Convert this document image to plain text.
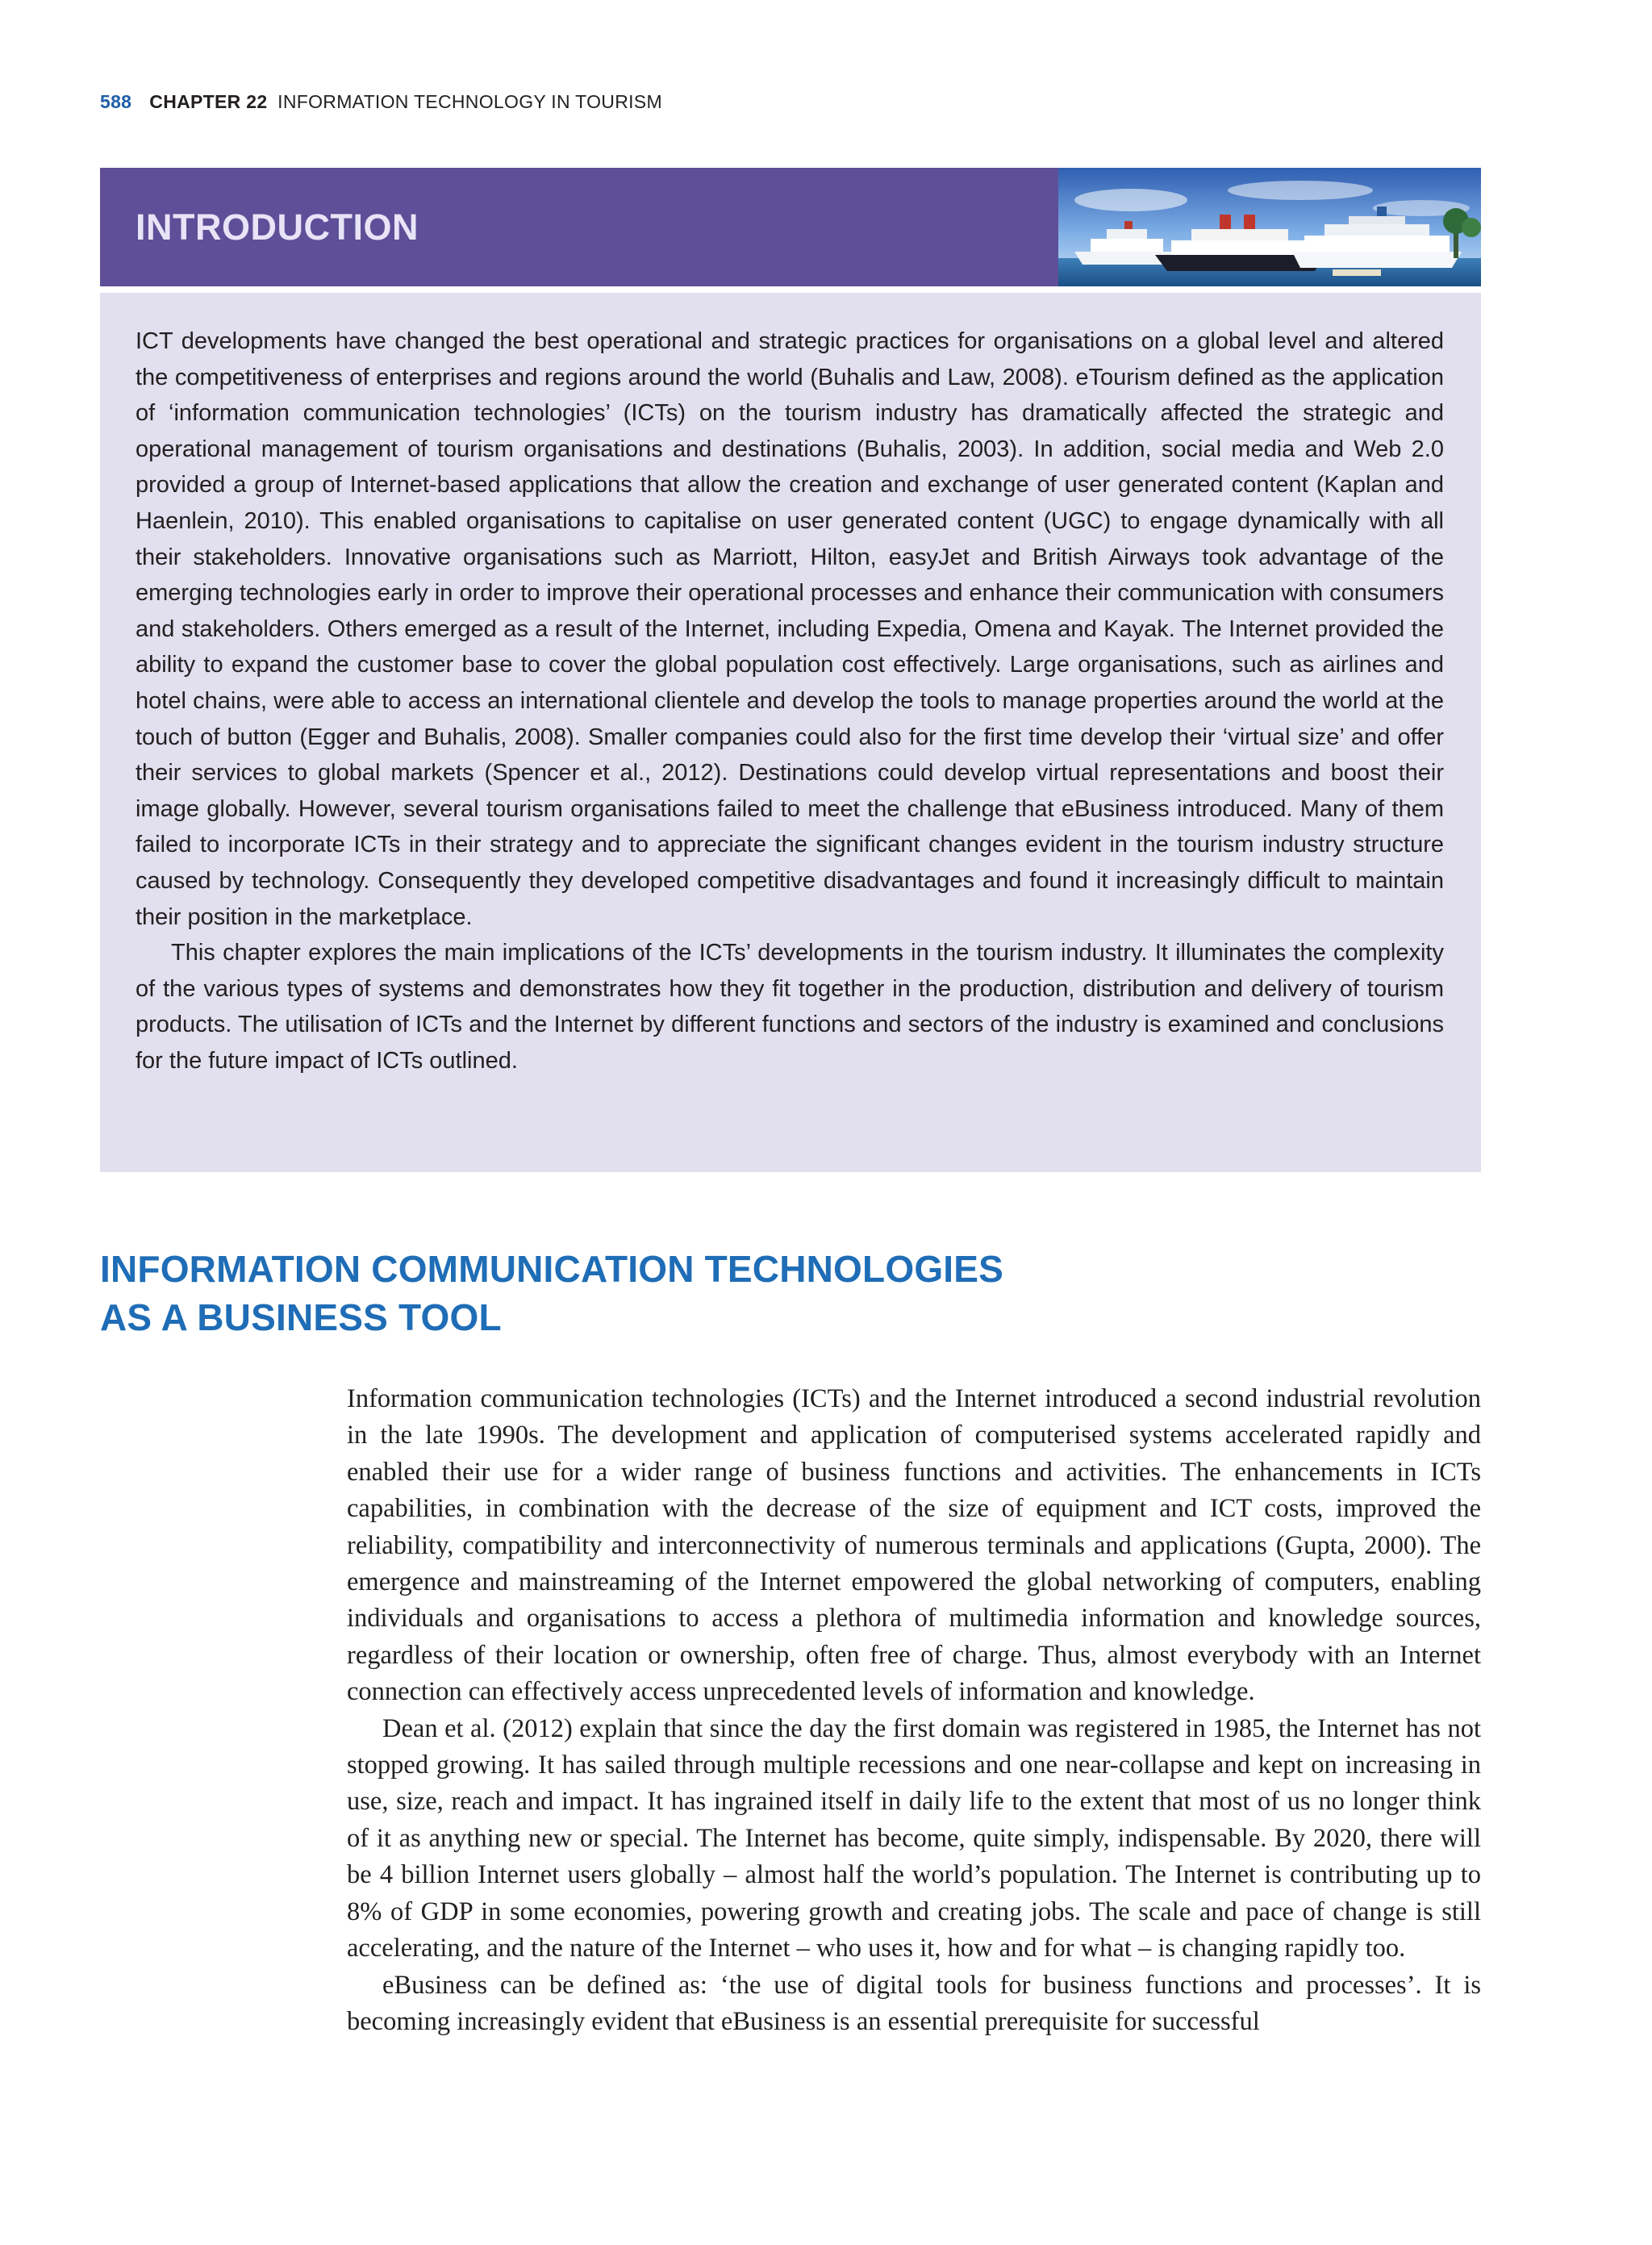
588 CHAPTER 22 INFORMATION TECHNOLOGY IN TOURISM
INTRODUCTION

ICT developments have changed the best operational and strategic practices for organisations on a global level and altered the competitiveness of enterprises and regions around the world (Buhalis and Law, 2008). eTourism defined as the application of ‘information communication technologies’ (ICTs) on the tourism industry has dramatically affected the strategic and operational management of tourism organisations and destinations (Buhalis, 2003). In addition, social media and Web 2.0 provided a group of Internet-based applications that allow the creation and exchange of user generated content (Kaplan and Haenlein, 2010). This enabled organisations to capitalise on user generated content (UGC) to engage dynamically with all their stakeholders. Innovative organisations such as Marriott, Hilton, easyJet and British Airways took advantage of the emerging technologies early in order to improve their operational processes and enhance their communication with consumers and stakeholders. Others emerged as a result of the Internet, including Expedia, Omena and Kayak. The Internet provided the ability to expand the customer base to cover the global population cost effectively. Large organisations, such as airlines and hotel chains, were able to access an international clientele and develop the tools to manage properties around the world at the touch of button (Egger and Buhalis, 2008). Smaller companies could also for the first time develop their ‘virtual size’ and offer their services to global markets (Spencer et al., 2012). Destinations could develop virtual representations and boost their image globally. However, several tourism organisations failed to meet the challenge that eBusiness introduced. Many of them failed to incorporate ICTs in their strategy and to appreciate the significant changes evident in the tourism industry structure caused by technology. Consequently they developed competitive disadvantages and found it increasingly difficult to maintain their position in the marketplace.

This chapter explores the main implications of the ICTs’ developments in the tourism industry. It illuminates the complexity of the various types of systems and demonstrates how they fit together in the production, distribution and delivery of tourism products. The utilisation of ICTs and the Internet by different functions and sectors of the industry is examined and conclusions for the future impact of ICTs outlined.

INFORMATION COMMUNICATION TECHNOLOGIES
AS A BUSINESS TOOL

Information communication technologies (ICTs) and the Internet introduced a second industrial revolution in the late 1990s. The development and application of computerised systems accelerated rapidly and enabled their use for a wider range of business functions and activities. The enhancements in ICTs capabilities, in combination with the decrease of the size of equipment and ICT costs, improved the reliability, compatibility and interconnectivity of numerous terminals and applications (Gupta, 2000). The emergence and mainstreaming of the Internet empowered the global networking of computers, enabling individuals and organisations to access a plethora of multimedia information and knowledge sources, regardless of their location or ownership, often free of charge. Thus, almost everybody with an Internet connection can effectively access unprecedented levels of information and knowledge.

Dean et al. (2012) explain that since the day the first domain was registered in 1985, the Internet has not stopped growing. It has sailed through multiple recessions and one near-collapse and kept on increasing in use, size, reach and impact. It has ingrained itself in daily life to the extent that most of us no longer think of it as anything new or special. The Internet has become, quite simply, indispensable. By 2020, there will be 4 billion Internet users globally – almost half the world’s population. The Internet is contributing up to 8% of GDP in some economies, powering growth and creating jobs. The scale and pace of change is still accelerating, and the nature of the Internet – who uses it, how and for what – is changing rapidly too.

eBusiness can be defined as: ‘the use of digital tools for business functions and processes’. It is becoming increasingly evident that eBusiness is an essential prerequisite for successful
